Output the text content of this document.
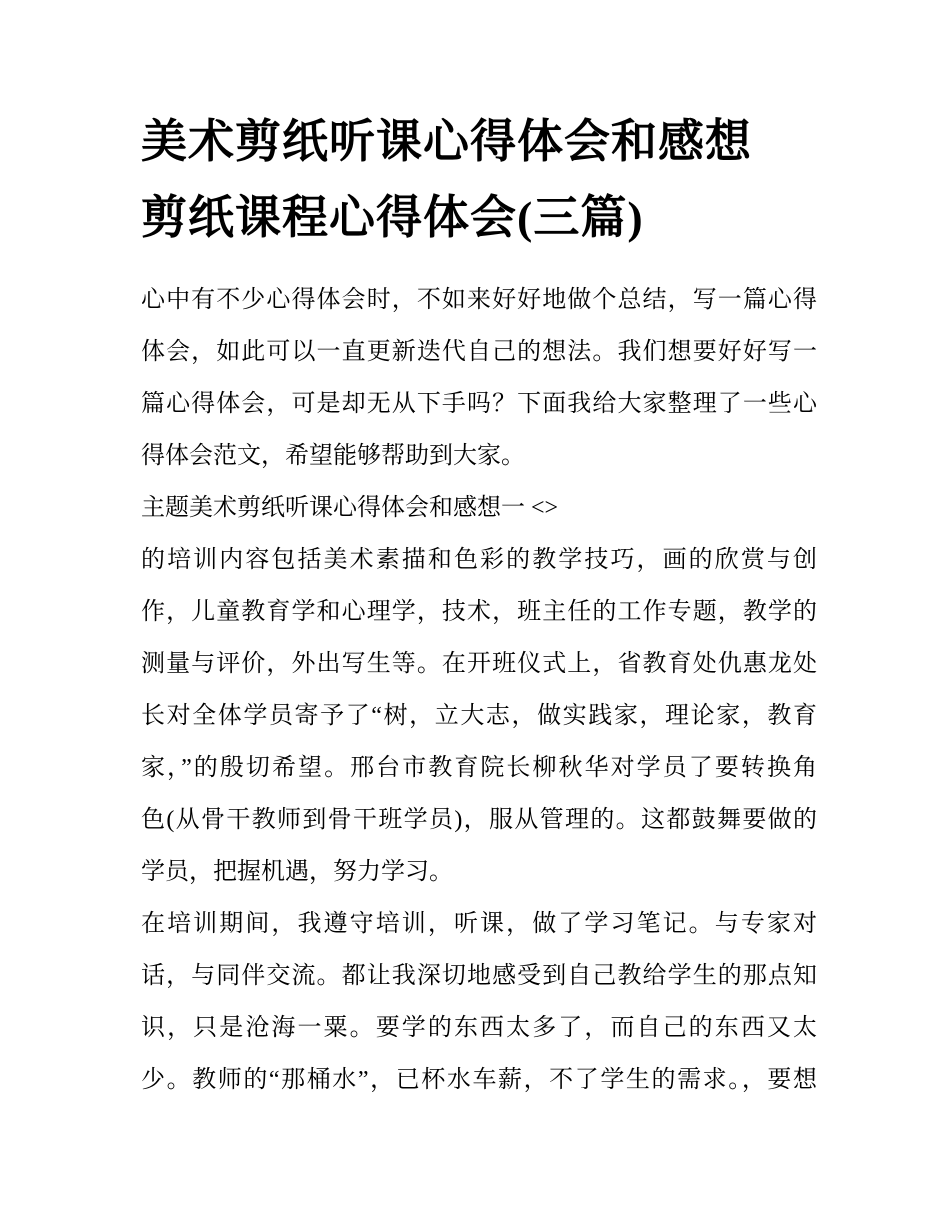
美术剪纸听课心得体会和感想
剪纸课程心得体会(三篇)
心中有不少心得体会时，不如来好好地做个总结，写一篇心得
体会，如此可以一直更新迭代自己的想法。我们想要好好写一
篇心得体会，可是却无从下手吗？下面我给大家整理了一些心
得体会范文，希望能够帮助到大家。
主题美术剪纸听课心得体会和感想一 <>
的培训内容包括美术素描和色彩的教学技巧，画的欣赏与创
作，儿童教育学和心理学，技术，班主任的工作专题，教学的
测量与评价，外出写生等。在开班仪式上，省教育处仇惠龙处
长对全体学员寄予了“树，立大志，做实践家，理论家，教育
家，”的殷切希望。邢台市教育院长柳秋华对学员了要转换角
色(从骨干教师到骨干班学员)，服从管理的。这都鼓舞要做的
学员，把握机遇，努力学习。
在培训期间，我遵守培训，听课，做了学习笔记。与专家对
话，与同伴交流。都让我深切地感受到自己教给学生的那点知
识，只是沧海一粟。要学的东西太多了，而自己的东西又太
少。教师的“那桶水”，已杯水车薪，不了学生的需求。，要想
